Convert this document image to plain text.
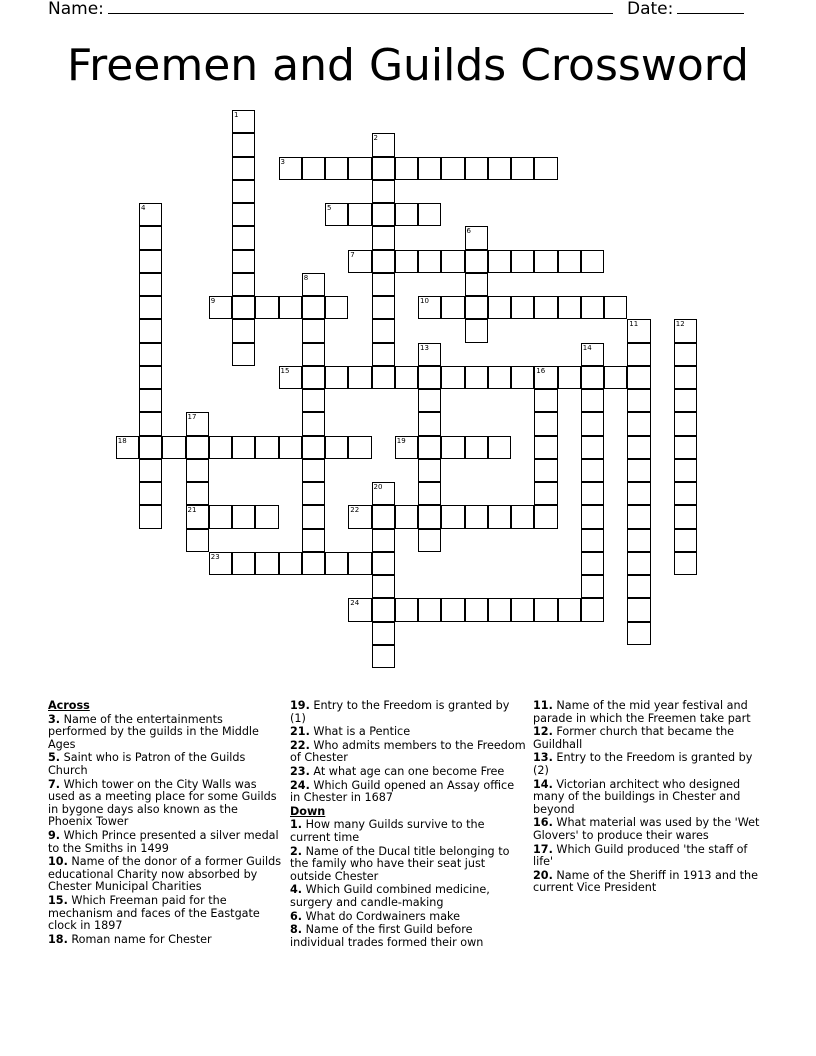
Name:	Date:
Freemen and Guilds Crossword
1
2
3
4	5
6
7
8
9	10
11	12
13	14
15	16
17
21
18	19
20
22
23
24
Across
3. Name of the entertainments performed by the guilds in the Middle Ages
5. Saint who is Patron of the Guilds Church
7. Which tower on the City Walls was used as a meeting place for some Guilds in bygone days also known as the Phoenix Tower
9. Which Prince presented a silver medal to the Smiths in 1499
10. Name of the donor of a former Guilds educational Charity now absorbed by Chester Municipal Charities
15. Which Freeman paid for the mechanism and faces of the Eastgate clock in 1897
18. Roman name for Chester
19. Entry to the Freedom is granted by (1)
21. What is a Pentice
22. Who admits members to the Freedom of Chester
23. At what age can one become Free
24. Which Guild opened an Assay office in Chester in 1687
Down
1. How many Guilds survive to the current time
2. Name of the Ducal title belonging to the family who have their seat just outside Chester
4. Which Guild combined medicine, surgery and candle-making
6. What do Cordwainers make
8. Name of the first Guild before individual trades formed their own
11. Name of the mid year festival and parade in which the Freemen take part
12. Former church that became the Guildhall
13. Entry to the Freedom is granted by (2)
14. Victorian architect who designed many of the buildings in Chester and beyond
16. What material was used by the 'Wet Glovers' to produce their wares
17. Which Guild produced 'the staff of life'
20. Name of the Sheriff in 1913 and the current Vice President
